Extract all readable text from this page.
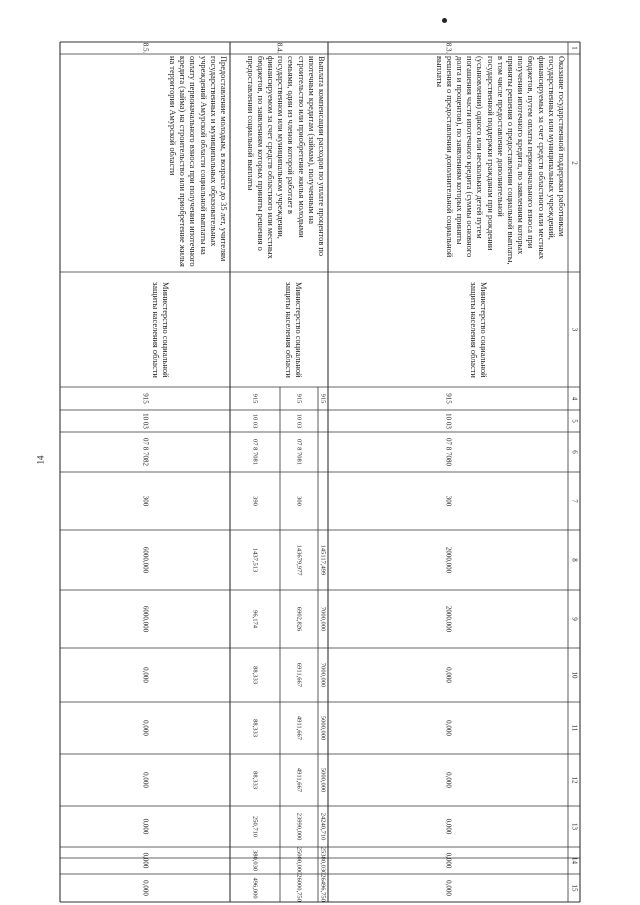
14
1
2
3
4
5
6
7
8
9
10
11
12
13
14
15
8.3.
Оказание государственной поддержки работникам государственных или муниципальных учреждений, финансируемых за счет средств областного или местных бюджетов, путем оплаты первоначального взноса при получении ипотечного кредита, по заявлениям которых приняты решения о предоставлении социальной выплаты, в том числе предоставление дополнительной государственной поддержки гражданам при рождении (усыновлении) одного или нескольких детей путем погашения части ипотечного кредита (суммы основного долга и процентов), по заявлениям которых приняты решения о предоставлении дополнительной социальной выплаты
Министерство социальной защиты населения области
915
10 03
07 8 7080
300
2000,000
2000,000
0,000
0,000
0,000
0,000
0,000
0,000
8.4.
Выплата компенсации расходов по уплате процентов по ипотечным кредитам (займам), полученным на строительство или приобретение жилья молодыми семьями, один из членов которой работает в государственном или муниципальном учреждении, финансируемом за счет средств областного или местных бюджетов, по заявлениям которых приняты решения о предоставлении социальной выплаты
Министерство социальной защиты населения области
915
915
915
10 03
10 03
07 8 7081
07 8 7081
300
390
145117,499
143679,977
1437,513
7000,000
6902,826
96,174
7000,000
6911,667
88,333
5000,000
4911,667
88,333
5000,000
4911,667
88,333
24240,710
23990,000
250,710
25380,030
25000,000
380,030
26496,750
26000,750
496,000
8.5.
Предоставление молодым, в возрасте до 35 лет, учителям государственных и муниципальных образовательных учреждений Амурской области социальной выплаты на оплату первоначального взноса при получении ипотечного кредита (займа) на строительство или приобретение жилья на территории Амурской области
Министерство социальной защиты населения области
915
10 03
07 8 7082
300
6000,000
6000,000
0,000
0,000
0,000
0,000
0,000
0,000
